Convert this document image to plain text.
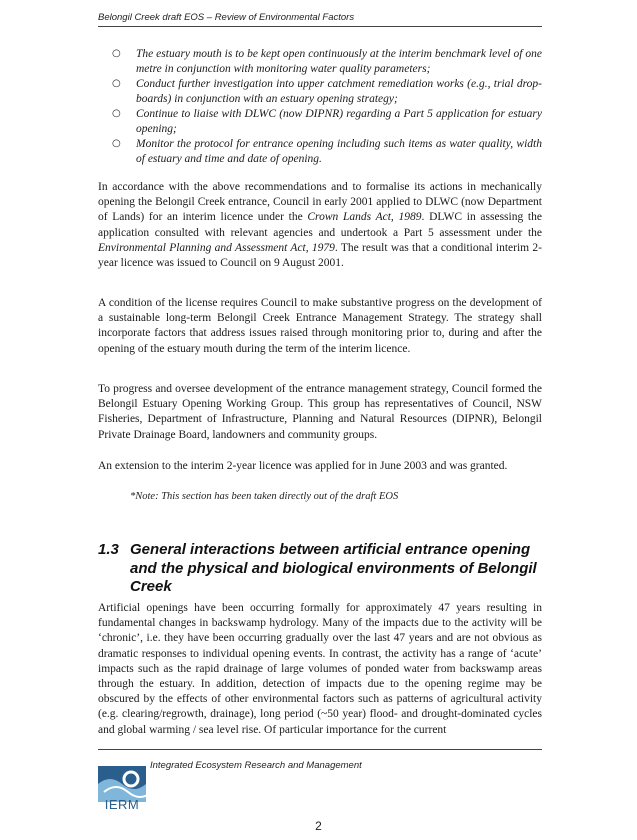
Belongil Creek draft EOS – Review of Environmental Factors
○ The estuary mouth is to be kept open continuously at the interim benchmark level of one metre in conjunction with monitoring water quality parameters;
○ Conduct further investigation into upper catchment remediation works (e.g., trial drop-boards) in conjunction with an estuary opening strategy;
○ Continue to liaise with DLWC (now DIPNR) regarding a Part 5 application for estuary opening;
○ Monitor the protocol for entrance opening including such items as water quality, width of estuary and time and date of opening.

In accordance with the above recommendations and to formalise its actions in mechanically opening the Belongil Creek entrance, Council in early 2001 applied to DLWC (now Department of Lands) for an interim licence under the Crown Lands Act, 1989. DLWC in assessing the application consulted with relevant agencies and undertook a Part 5 assessment under the Environmental Planning and Assessment Act, 1979. The result was that a conditional interim 2-year licence was issued to Council on 9 August 2001.

A condition of the license requires Council to make substantive progress on the development of a sustainable long-term Belongil Creek Entrance Management Strategy. The strategy shall incorporate factors that address issues raised through monitoring prior to, during and after the opening of the estuary mouth during the term of the interim licence.

To progress and oversee development of the entrance management strategy, Council formed the Belongil Estuary Opening Working Group. This group has representatives of Council, NSW Fisheries, Department of Infrastructure, Planning and Natural Resources (DIPNR), Belongil Private Drainage Board, landowners and community groups.

An extension to the interim 2-year licence was applied for in June 2003 and was granted.

*Note: This section has been taken directly out of the draft EOS
1.3 General interactions between artificial entrance opening and the physical and biological environments of Belongil Creek

Artificial openings have been occurring formally for approximately 47 years resulting in fundamental changes in backswamp hydrology. Many of the impacts due to the activity will be ‘chronic’, i.e. they have been occurring gradually over the last 47 years and are not obvious as dramatic responses to individual opening events. In contrast, the activity has a range of ‘acute’ impacts such as the rapid drainage of large volumes of ponded water from backswamp areas through the estuary. In addition, detection of impacts due to the opening regime may be obscured by the effects of other environmental factors such as patterns of agricultural activity (e.g. clearing/regrowth, drainage), long period (~50 year) flood- and drought-dominated cycles and global warming / sea level rise. Of particular importance for the current

IERM
Integrated Ecosystem Research and Management
2
